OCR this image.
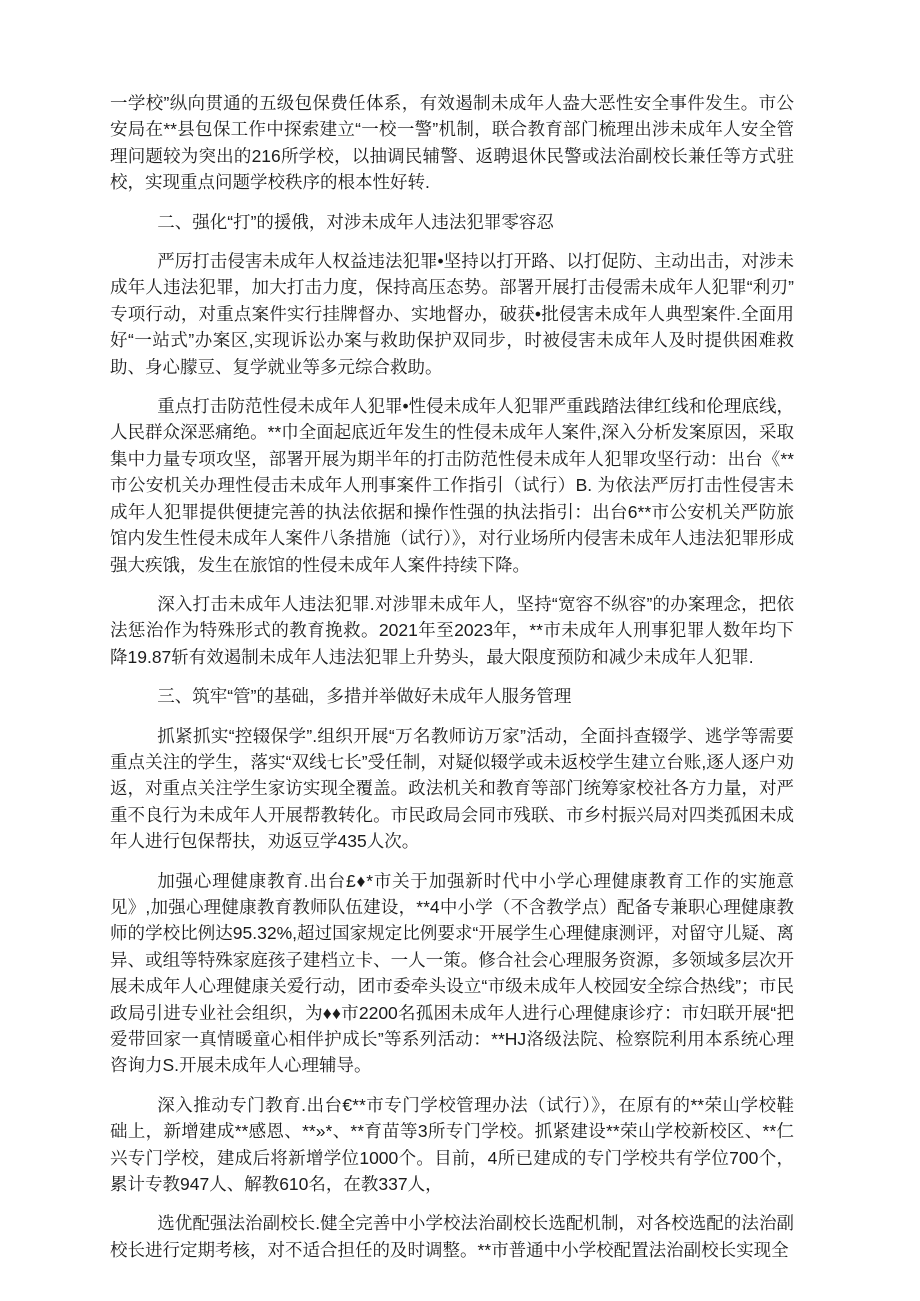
一学校”纵向贯通的五级包保费任体系，有效遏制未成年人盎大恶性安全事件发生。市公安局在**县包保工作中探索建立“一校一警”机制，联合教育部门梳理出涉未成年人安全管理问题较为突出的216所学校，以抽调民辅警、返聘退休民警或法治副校长兼任等方式驻校，实现重点问题学校秩序的根本性好转.

二、强化“打”的援俄，对涉未成年人违法犯罪零容忍

严厉打击侵害未成年人权益违法犯罪•坚持以打开路、以打促防、主动出击，对涉未成年人违法犯罪，加大打击力度，保持高压态势。部署开展打击侵需未成年人犯罪“利刃”专项行动，对重点案件实行挂牌督办、实地督办，破获•批侵害未成年人典型案件.全面用好“一站式”办案区,实现诉讼办案与救助保护双同步，时被侵害未成年人及时提供困难救助、身心朦豆、复学就业等多元综合救助。

重点打击防范性侵未成年人犯罪•性侵未成年人犯罪严重践踏法律红线和伦理底线，人民群众深恶痛绝。**巾全面起底近年发生的性侵未成年人案件,深入分析发案原因，采取集中力量专项攻坚，部署开展为期半年的打击防范性侵未成年人犯罪攻坚行动：出台《**市公安机关办理性侵击未成年人刑事案件工作指引（试行）B. 为依法严厉打击性侵害未成年人犯罪提供便捷完善的执法依据和操作性强的执法指引：出台6**市公安机关严防旅馆内发生性侵未成年人案件八条措施（试行）》，对行业场所内侵害未成年人违法犯罪形成强大疾饿，发生在旅馆的性侵未成年人案件持续下降。

深入打击未成年人违法犯罪.对涉罪未成年人，坚持“宽容不纵容”的办案理念，把依法惩治作为特殊形式的教育挽救。2021年至2023年，**市未成年人刑事犯罪人数年均下降19.87斩有效遏制未成年人违法犯罪上升势头，最大限度预防和减少未成年人犯罪.

三、筑牢“管”的基础，多措并举做好未成年人服务管理

抓紧抓实“控辍保学”.组织开展“万名教师访万家”活动，全面抖查辍学、逃学等需要重点关注的学生，落实“双线七长”受任制，对疑似辍学或未返校学生建立台账,逐人逐户劝返，对重点关注学生家访实现全覆盖。政法机关和教育等部门统筹家校社各方力量，对严重不良行为未成年人开展帮教转化。市民政局会同市残联、市乡村振兴局对四类孤困未成年人进行包保帮扶，劝返豆学435人次。

加强心理健康教育.出台£♦*市关于加强新时代中小学心理健康教育工作的实施意见》,加强心理健康教育教师队伍建设，**4中小学（不含教学点）配备专兼职心理健康教师的学校比例达95.32%,超过国家规定比例要求“开展学生心理健康测评，对留守儿疑、离异、或组等特殊家庭孩子建档立卡、一人一策。修合社会心理服务资源，多领域多层次开展未成年人心理健康关爱行动，团市委牵头设立“市级未成年人校园安全综合热线”；市民政局引进专业社会组织，为♦♦市2200名孤困未成年人进行心理健康诊疗：市妇联开展“把爱带回家一真情暖童心相伴护成长”等系列活动：**HJ洛级法院、检察院利用本系统心理咨询力S.开展未成年人心理辅导。

深入推动专门教育.出台€**市专门学校管理办法（试行）》，在原有的**荣山学校鞋础上，新增建成**感恩、**»*、**育苗等3所专门学校。抓紧建设**荣山学校新校区、**仁兴专门学校，建成后将新增学位1000个。目前，4所已建成的专门学校共有学位700个，累计专教947人、解教610名，在教337人，

选优配强法治副校长.健全完善中小学校法治副校长选配机制，对各校选配的法治副校长进行定期考核，对不适合担任的及时调整。**市普通中小学校配置法治副校长实现全
